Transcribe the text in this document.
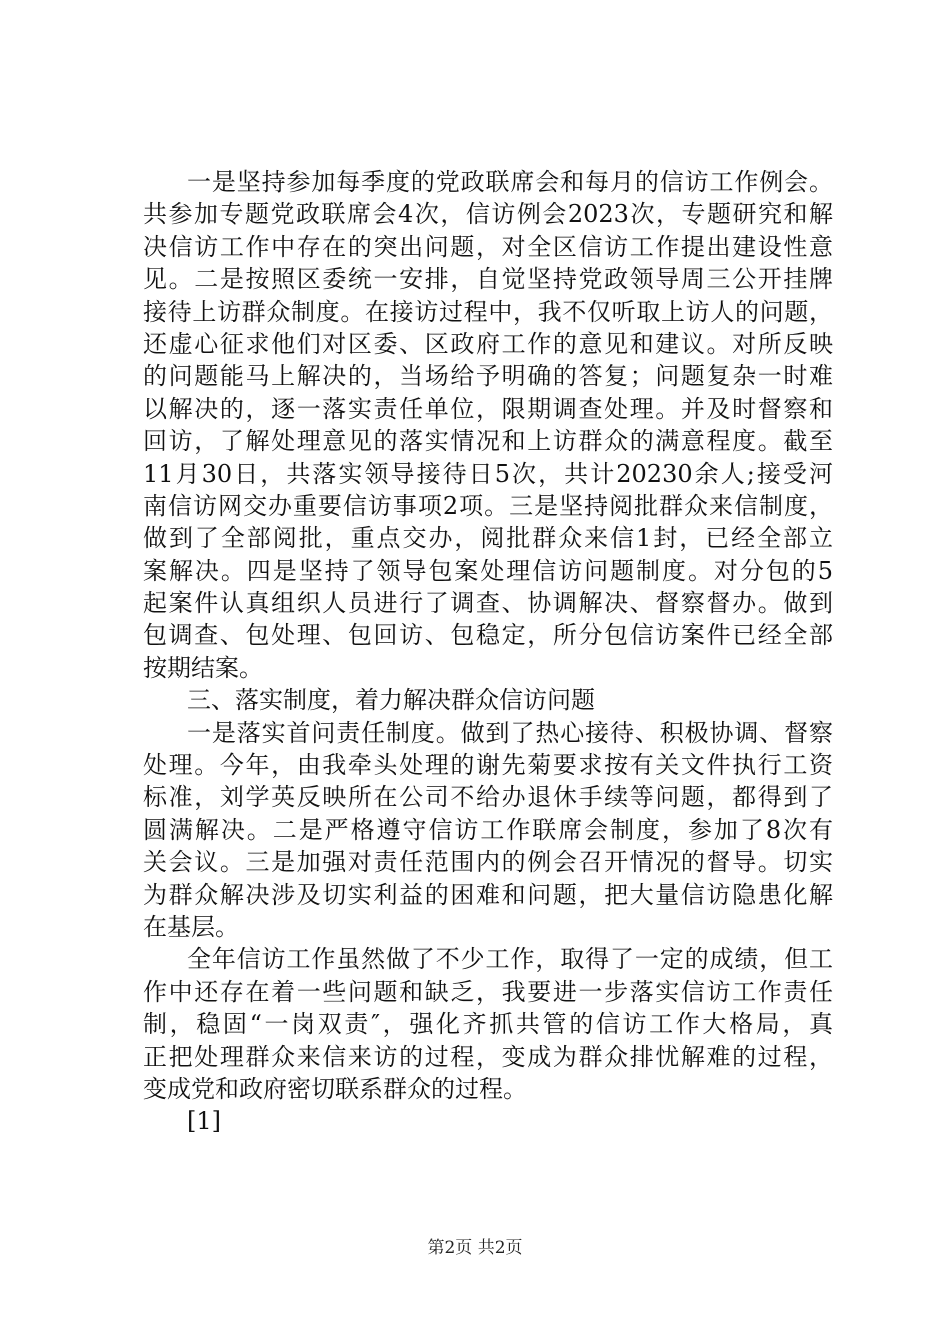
一是坚持参加每季度的党政联席会和每月的信访工作例会。
共参加专题党政联席会4次，信访例会2023次，专题研究和解
决信访工作中存在的突出问题，对全区信访工作提出建设性意
见。二是按照区委统一安排，自觉坚持党政领导周三公开挂牌
接待上访群众制度。在接访过程中，我不仅听取上访人的问题，
还虚心征求他们对区委、区政府工作的意见和建议。对所反映
的问题能马上解决的，当场给予明确的答复；问题复杂一时难
以解决的，逐一落实责任单位，限期调查处理。并及时督察和
回访，了解处理意见的落实情况和上访群众的满意程度。截至
11月30日，共落实领导接待日5次，共计20230余人;接受河
南信访网交办重要信访事项2项。三是坚持阅批群众来信制度，
做到了全部阅批，重点交办，阅批群众来信1封，已经全部立
案解决。四是坚持了领导包案处理信访问题制度。对分包的5
起案件认真组织人员进行了调查、协调解决、督察督办。做到
包调查、包处理、包回访、包稳定，所分包信访案件已经全部
按期结案。
三、落实制度，着力解决群众信访问题
一是落实首问责任制度。做到了热心接待、积极协调、督察
处理。今年，由我牵头处理的谢先菊要求按有关文件执行工资
标准，刘学英反映所在公司不给办退休手续等问题，都得到了
圆满解决。二是严格遵守信访工作联席会制度，参加了8次有
关会议。三是加强对责任范围内的例会召开情况的督导。切实
为群众解决涉及切实利益的困难和问题，把大量信访隐患化解
在基层。
全年信访工作虽然做了不少工作，取得了一定的成绩，但工
作中还存在着一些问题和缺乏，我要进一步落实信访工作责任
制，稳固“一岗双责″，强化齐抓共管的信访工作大格局，真
正把处理群众来信来访的过程，变成为群众排忧解难的过程，
变成党和政府密切联系群众的过程。
[1]
第2页 共2页
